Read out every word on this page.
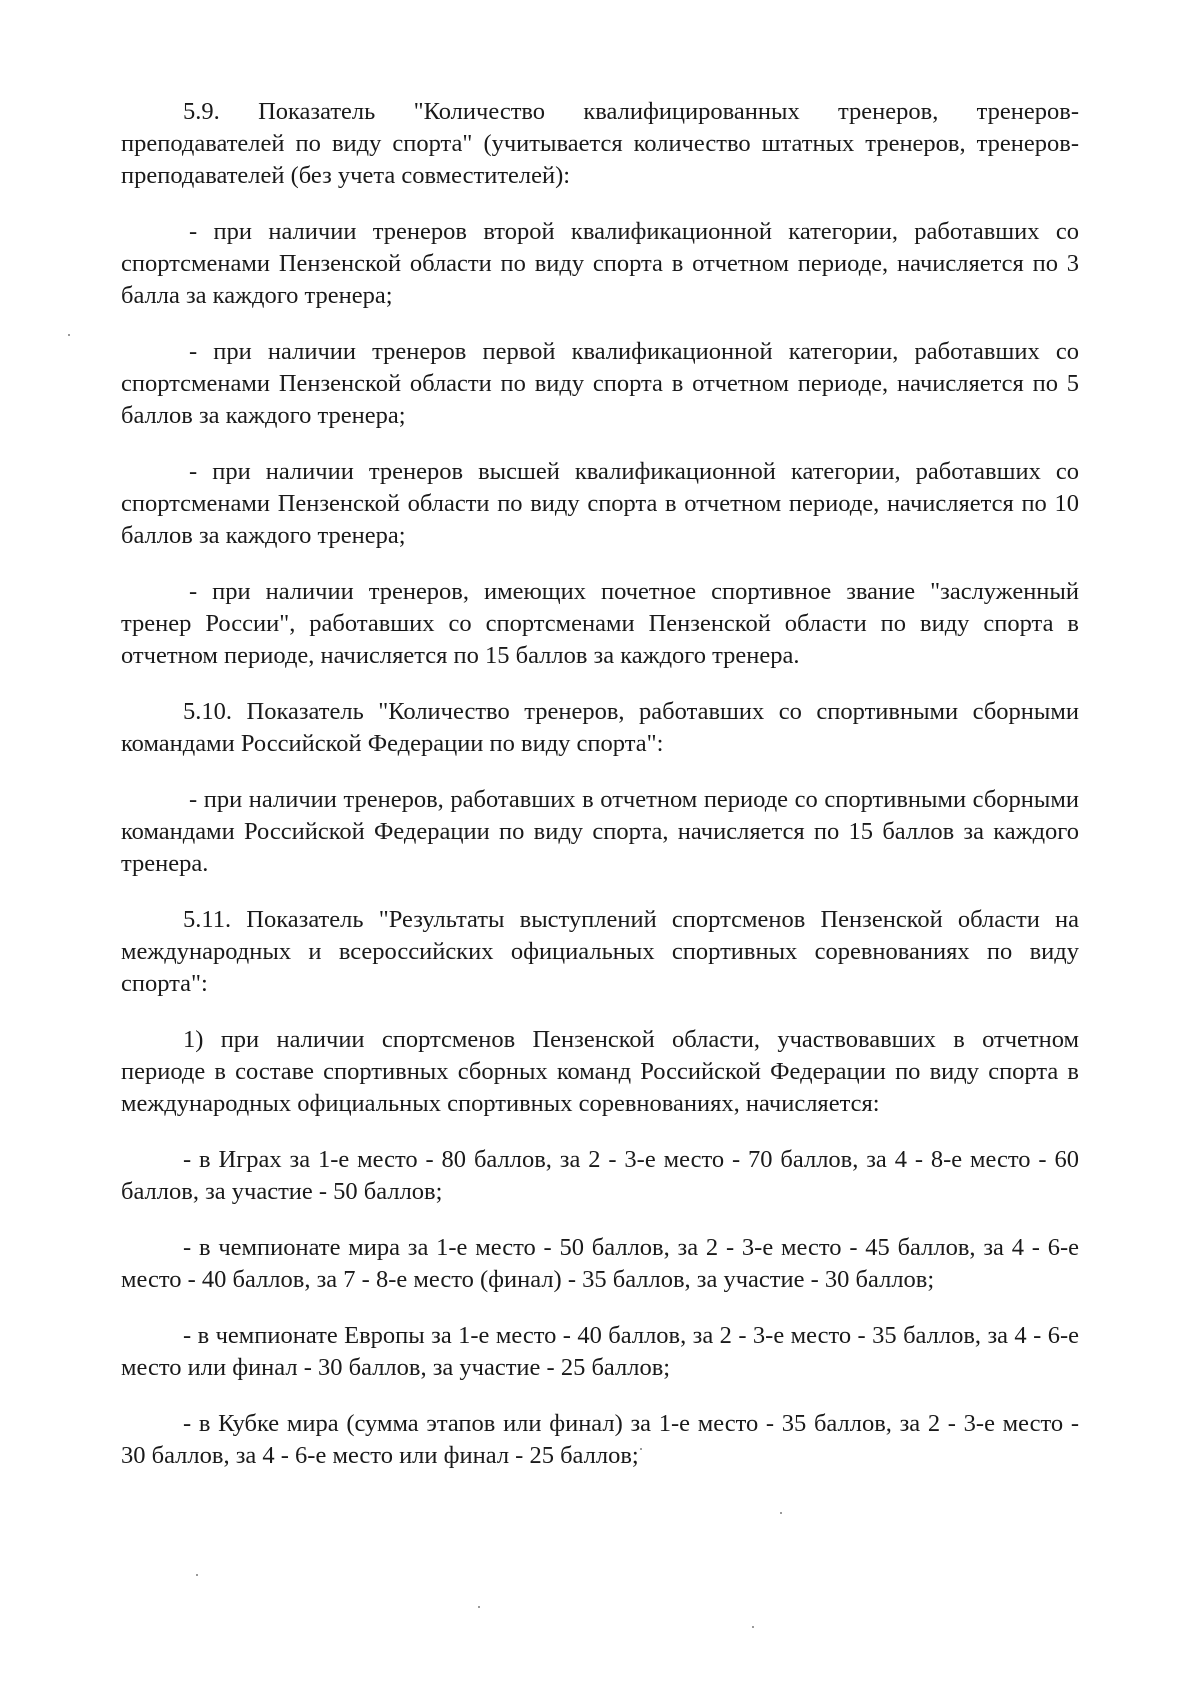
5.9. Показатель "Количество квалифицированных тренеров, тренеров-преподавателей по виду спорта" (учитывается количество штатных тренеров, тренеров-преподавателей (без учета совместителей):

- при наличии тренеров второй квалификационной категории, работавших со спортсменами Пензенской области по виду спорта в отчетном периоде, начисляется по 3 балла за каждого тренера;

- при наличии тренеров первой квалификационной категории, работавших со спортсменами Пензенской области по виду спорта в отчетном периоде, начисляется по 5 баллов за каждого тренера;

- при наличии тренеров высшей квалификационной категории, работавших со спортсменами Пензенской области по виду спорта в отчетном периоде, начисляется по 10 баллов за каждого тренера;

- при наличии тренеров, имеющих почетное спортивное звание "заслуженный тренер России", работавших со спортсменами Пензенской области по виду спорта в отчетном периоде, начисляется по 15 баллов за каждого тренера.

5.10. Показатель "Количество тренеров, работавших со спортивными сборными командами Российской Федерации по виду спорта":

- при наличии тренеров, работавших в отчетном периоде со спортивными сборными командами Российской Федерации по виду спорта, начисляется по 15 баллов за каждого тренера.

5.11. Показатель "Результаты выступлений спортсменов Пензенской области на международных и всероссийских официальных спортивных соревнованиях по виду спорта":

1) при наличии спортсменов Пензенской области, участвовавших в отчетном периоде в составе спортивных сборных команд Российской Федерации по виду спорта в международных официальных спортивных соревнованиях, начисляется:

- в Играх за 1-е место - 80 баллов, за 2 - 3-е место - 70 баллов, за 4 - 8-е место - 60 баллов, за участие - 50 баллов;

- в чемпионате мира за 1-е место - 50 баллов, за 2 - 3-е место - 45 баллов, за 4 - 6-е место - 40 баллов, за 7 - 8-е место (финал) - 35 баллов, за участие - 30 баллов;

- в чемпионате Европы за 1-е место - 40 баллов, за 2 - 3-е место - 35 баллов, за 4 - 6-е место или финал - 30 баллов, за участие - 25 баллов;

- в Кубке мира (сумма этапов или финал) за 1-е место - 35 баллов, за 2 - 3-е место - 30 баллов, за 4 - 6-е место или финал - 25 баллов;
